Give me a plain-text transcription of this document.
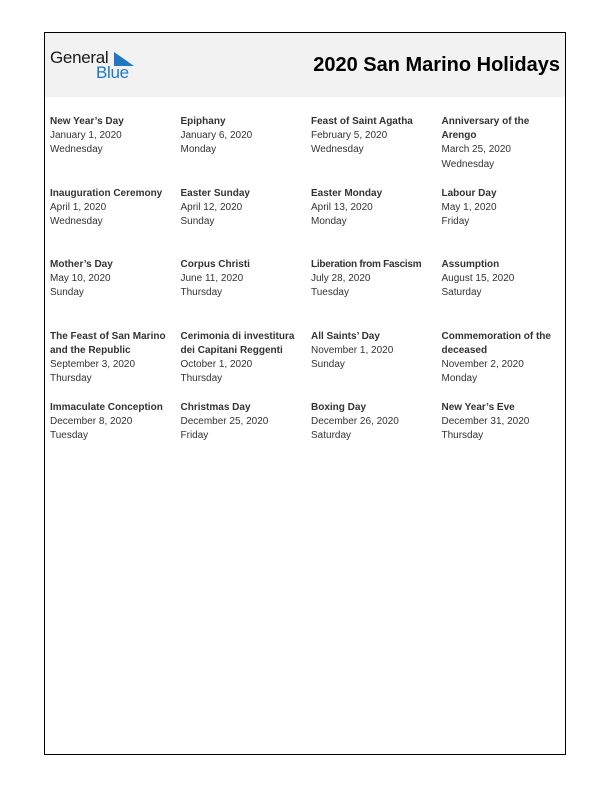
General
Blue	2020 San Marino Holidays
New Year’s Day
January 1, 2020
Wednesday
Epiphany
January 6, 2020
Monday
Feast of Saint Agatha
February 5, 2020
Wednesday
Anniversary of the Arengo
March 25, 2020
Wednesday
Inauguration Ceremony
April 1, 2020
Wednesday
Easter Sunday
April 12, 2020
Sunday
Easter Monday
April 13, 2020
Monday
Labour Day
May 1, 2020
Friday
Mother’s Day
May 10, 2020
Sunday
Corpus Christi
June 11, 2020
Thursday
Liberation from Fascism
July 28, 2020
Tuesday
Assumption
August 15, 2020
Saturday
The Feast of San Marino and the Republic
September 3, 2020
Thursday
Cerimonia di investitura dei Capitani Reggenti
October 1, 2020
Thursday
All Saints’ Day
November 1, 2020
Sunday
Commemoration of the deceased
November 2, 2020
Monday
Immaculate Conception
December 8, 2020
Tuesday
Christmas Day
December 25, 2020
Friday
Boxing Day
December 26, 2020
Saturday
New Year’s Eve
December 31, 2020
Thursday
